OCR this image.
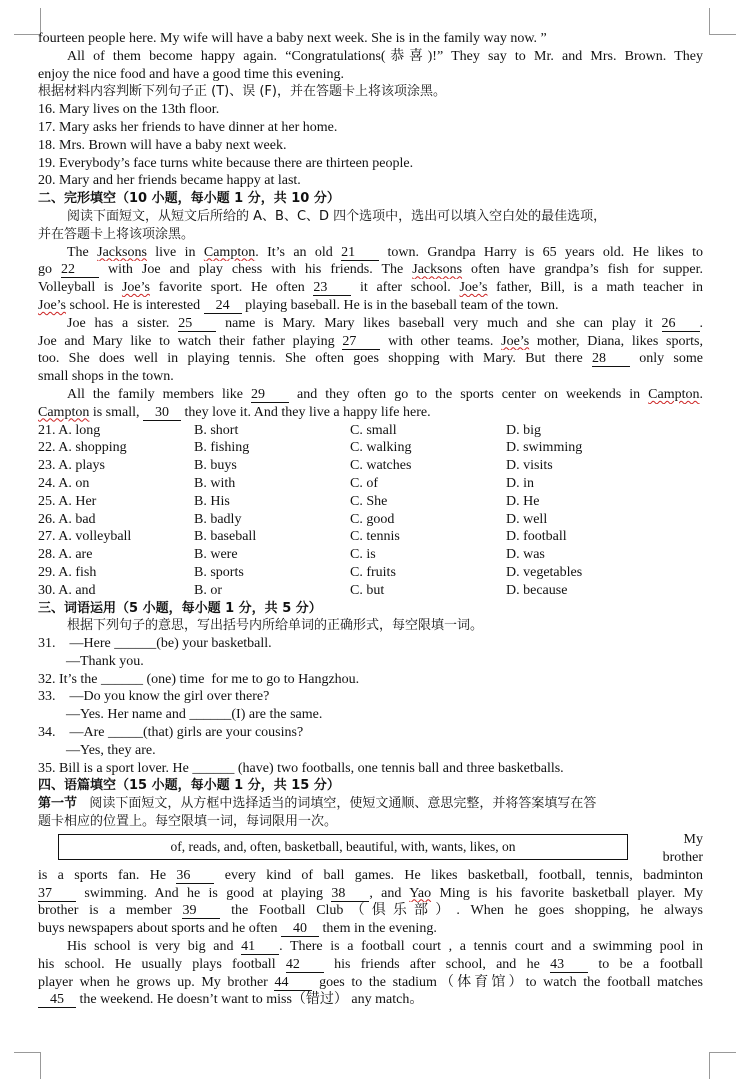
fourteen people here. My wife will have a baby next week. She is in the family way now. ”
All of them become happy again. “Congratulations(恭喜)!” They say to Mr. and Mrs. Brown. They
enjoy the nice food and have a good time this evening.
根据材料内容判断下列句子正 (T)、误 (F)，并在答题卡上将该项涂黑。
16. Mary lives on the 13th floor.
17. Mary asks her friends to have dinner at her home.
18. Mrs. Brown will have a baby next week.
19. Everybody’s face turns white because there are thirteen people.
20. Mary and her friends became happy at last.
二、完形填空（10 小题，每小题 1 分，共 10 分）
阅读下面短文，从短文后所给的 A、B、C、D 四个选项中，选出可以填入空白处的最佳选项，
并在答题卡上将该项涂黑。
The Jacksons live in Campton. It’s an old 21 town. Grandpa Harry is 65 years old. He likes to
go 22 with Joe and play chess with his friends. The Jacksons often have grandpa’s fish for supper.
Volleyball is Joe’s favorite sport. He often 23 it after school. Joe’s father, Bill, is a math teacher in
Joe’s school. He is interested 24 playing baseball. He is in the baseball team of the town.
Joe has a sister. 25 name is Mary. Mary likes baseball very much and she can play it 26 .
Joe and Mary like to watch their father playing 27 with other teams. Joe’s mother, Diana, likes sports,
too. She does well in playing tennis. She often goes shopping with Mary. But there 28 only some
small shops in the town.
All the family members like 29 and they often go to the sports center on weekends in Campton.
Campton is small, 30 they love it. And they live a happy life here.
21. A. long	B. short	C. small	D. big
22. A. shopping	B. fishing	C. walking	D. swimming
23. A. plays	B. buys	C. watches	D. visits
24. A. on	B. with	C. of	D. in
25. A. Her	B. His	C. She	D. He
26. A. bad	B. badly	C. good	D. well
27. A. volleyball	B. baseball	C. tennis	D. football
28. A. are	B. were	C. is	D. was
29. A. fish	B. sports	C. fruits	D. vegetables
30. A. and	B. or	C. but	D. because
三、词语运用（5 小题，每小题 1 分，共 5 分）
根据下列句子的意思，写出括号内所给单词的正确形式，每空限填一词。
31.    —Here ______(be) your basketball.
—Thank you.
32. It’s the ______ (one) time  for me to go to Hangzhou.
33.    —Do you know the girl over there?
—Yes. Her name and ______(I) are the same.
34.    —Are _____(that) girls are your cousins?
—Yes, they are.
35. Bill is a sport lover. He ______ (have) two footballs, one tennis ball and three basketballs.
四、语篇填空（15 小题，每小题 1 分，共 15 分）
第一节 阅读下面短文，从方框中选择适当的词填空，使短文通顺、意思完整，并将答案填写在答
题卡相应的位置上。每空限填一词，每词限用一次。
of, reads, and, often, basketball, beautiful, with, wants, likes, on	My
brother
is a sports fan. He 36 every kind of ball games. He likes basketball, football, tennis, badminton
37 swimming. And he is good at playing 38 , and Yao Ming is his favorite basketball player. My
brother is a member 39 the Football Club（俱乐部）. When he goes shopping, he always
buys newspapers about sports and he often 40 them in the evening.
His school is very big and 41 . There is a football court , a tennis court and a swimming pool in
his school. He usually plays football 42 his friends after school, and he 43 to be a football
player when he grows up. My brother 44 goes to the stadium（体育馆）to watch the football matches
45 the weekend. He doesn’t want to miss（错过） any match。
